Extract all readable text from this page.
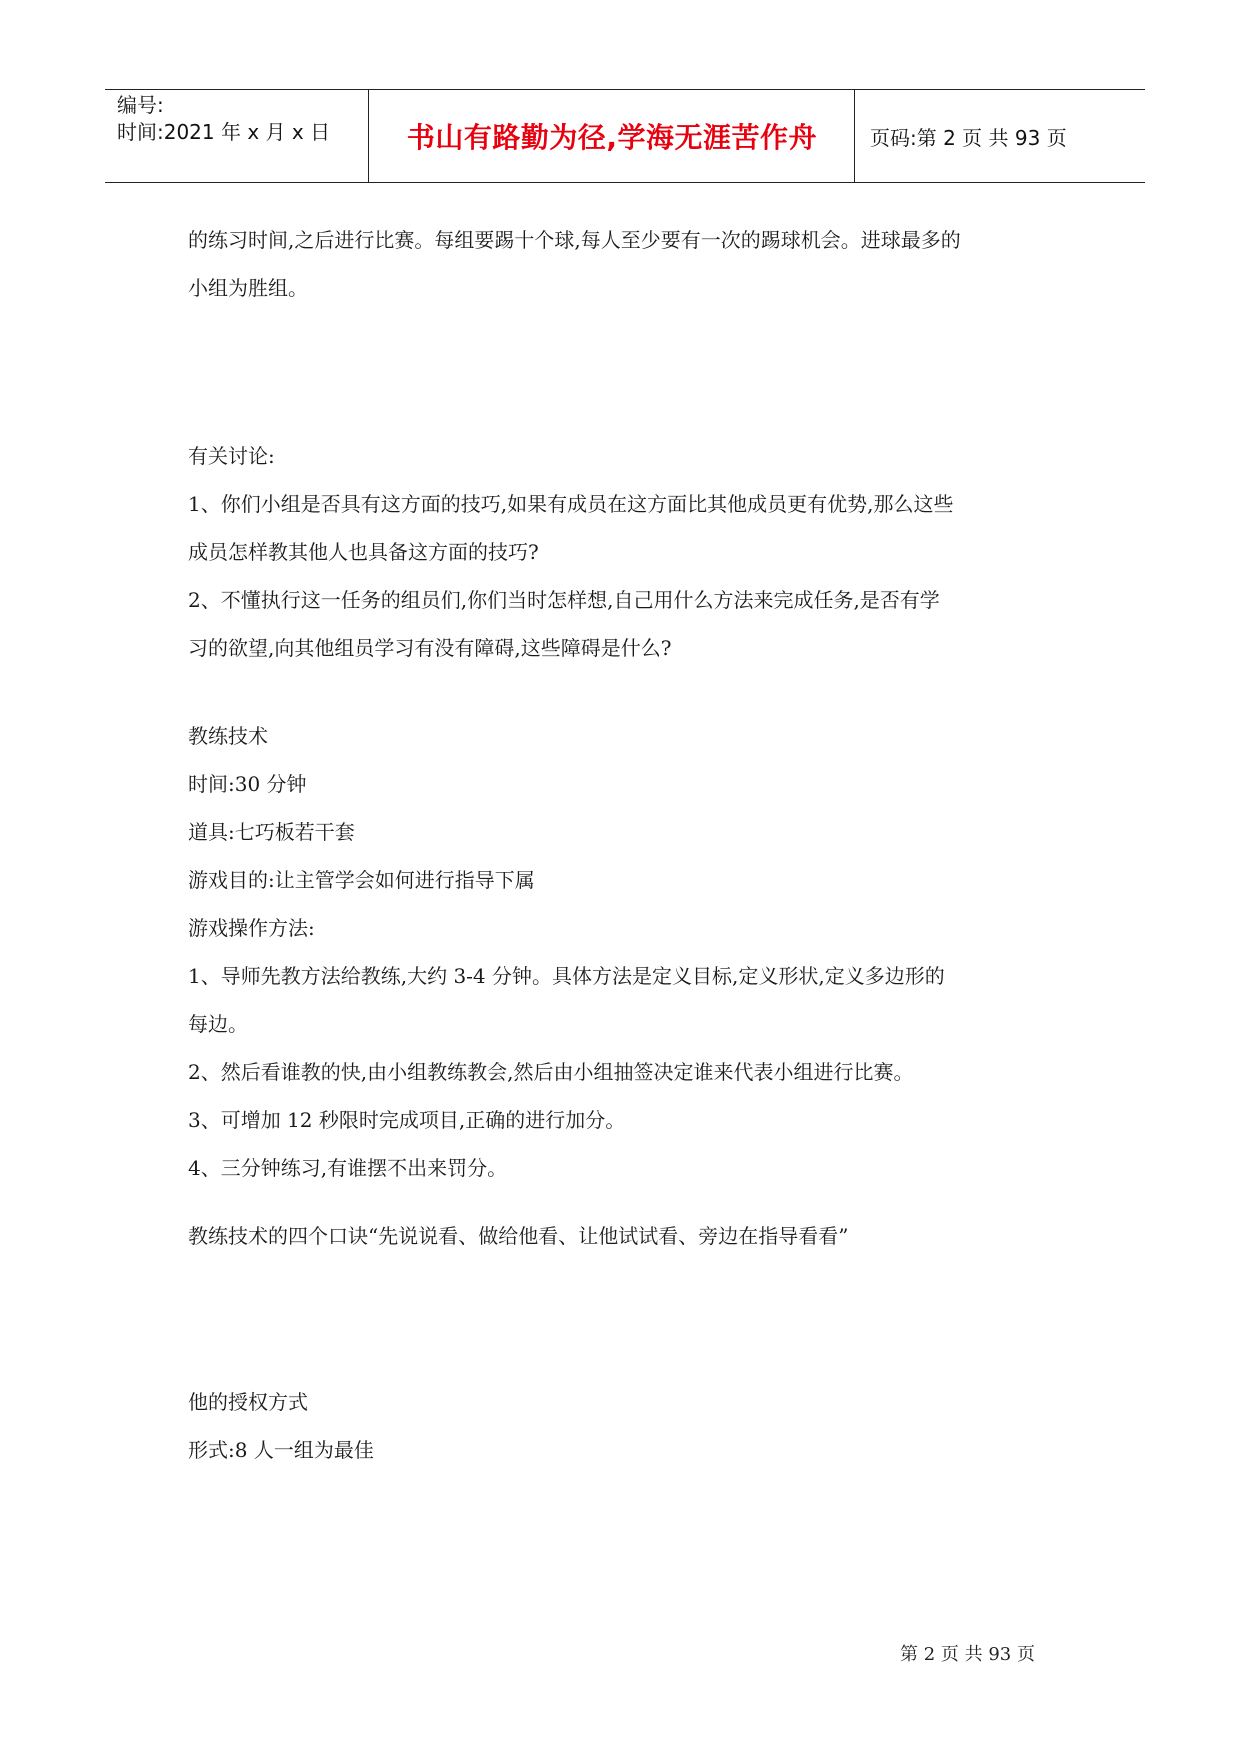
编号:
时间:2021 年 x 月 x 日	书山有路勤为径,学海无涯苦作舟	页码:第 2 页 共 93 页

的练习时间,之后进行比赛。每组要踢十个球,每人至少要有一次的踢球机会。进球最多的

小组为胜组。

有关讨论:

1、你们小组是否具有这方面的技巧,如果有成员在这方面比其他成员更有优势,那么这些

成员怎样教其他人也具备这方面的技巧?

2、不懂执行这一任务的组员们,你们当时怎样想,自己用什么方法来完成任务,是否有学

习的欲望,向其他组员学习有没有障碍,这些障碍是什么?

教练技术

时间:30 分钟

道具:七巧板若干套

游戏目的:让主管学会如何进行指导下属

游戏操作方法:

1、导师先教方法给教练,大约 3-4 分钟。具体方法是定义目标,定义形状,定义多边形的

每边。

2、然后看谁教的快,由小组教练教会,然后由小组抽签决定谁来代表小组进行比赛。

3、可增加 12 秒限时完成项目,正确的进行加分。

4、三分钟练习,有谁摆不出来罚分。

教练技术的四个口诀“先说说看、做给他看、让他试试看、旁边在指导看看”

他的授权方式

形式:8 人一组为最佳

第 2 页 共 93 页
